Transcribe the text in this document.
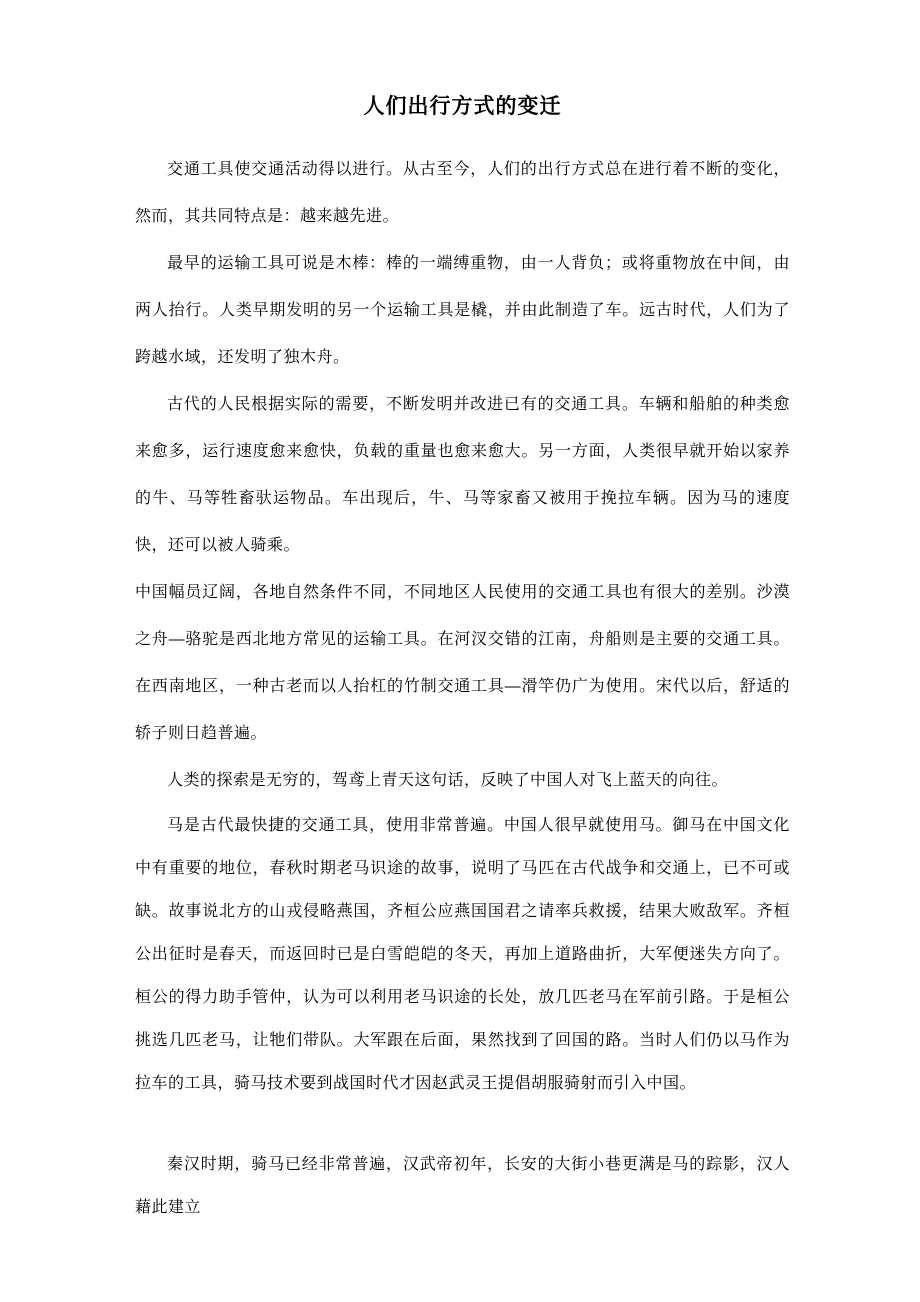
人们出行方式的变迁

交通工具使交通活动得以进行。从古至今，人们的出行方式总在进行着不断的变化，然而，其共同特点是：越来越先进。

最早的运输工具可说是木棒：棒的一端缚重物，由一人背负；或将重物放在中间，由两人抬行。人类早期发明的另一个运输工具是橇，并由此制造了车。远古时代，人们为了跨越水域，还发明了独木舟。

古代的人民根据实际的需要，不断发明并改进已有的交通工具。车辆和船舶的种类愈来愈多，运行速度愈来愈快，负载的重量也愈来愈大。另一方面，人类很早就开始以家养的牛、马等牲畜驮运物品。车出现后，牛、马等家畜又被用于挽拉车辆。因为马的速度快，还可以被人骑乘。

中国幅员辽阔，各地自然条件不同，不同地区人民使用的交通工具也有很大的差别。沙漠之舟—骆驼是西北地方常见的运输工具。在河汊交错的江南，舟船则是主要的交通工具。在西南地区，一种古老而以人抬杠的竹制交通工具—滑竿仍广为使用。宋代以后，舒适的轿子则日趋普遍。

人类的探索是无穷的，驾鸢上青天这句话，反映了中国人对飞上蓝天的向往。

马是古代最快捷的交通工具，使用非常普遍。中国人很早就使用马。御马在中国文化中有重要的地位，春秋时期老马识途的故事，说明了马匹在古代战争和交通上，已不可或缺。故事说北方的山戎侵略燕国，齐桓公应燕国国君之请率兵救援，结果大败敌军。齐桓公出征时是春天，而返回时已是白雪皑皑的冬天，再加上道路曲折，大军便迷失方向了。桓公的得力助手管仲，认为可以利用老马识途的长处，放几匹老马在军前引路。于是桓公挑选几匹老马，让牠们带队。大军跟在后面，果然找到了回国的路。当时人们仍以马作为拉车的工具，骑马技术要到战国时代才因赵武灵王提倡胡服骑射而引入中国。

秦汉时期，骑马已经非常普遍，汉武帝初年，长安的大街小巷更满是马的踪影，汉人藉此建立
